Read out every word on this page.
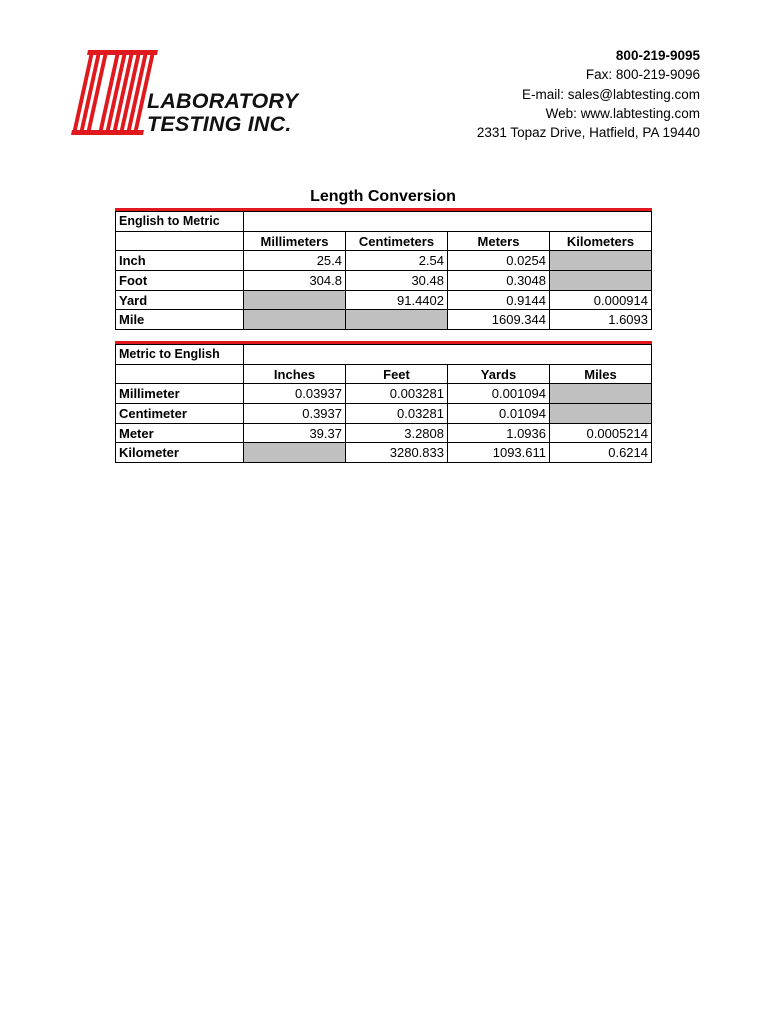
LABORATORY
TESTING INC.
800-219-9095
Fax: 800-219-9096
E-mail: sales@labtesting.com
Web: www.labtesting.com
2331 Topaz Drive, Hatfield, PA 19440
Length Conversion
English to Metric				
	Millimeters	Centimeters	Meters	Kilometers
Inch	25.4	2.54	0.0254	
Foot	304.8	30.48	0.3048	
Yard		91.4402	0.9144	0.000914
Mile			1609.344	1.6093
Metric to English				
	Inches	Feet	Yards	Miles
Millimeter	0.03937	0.003281	0.001094	
Centimeter	0.3937	0.03281	0.01094	
Meter	39.37	3.2808	1.0936	0.0005214
Kilometer		3280.833	1093.611	0.6214
